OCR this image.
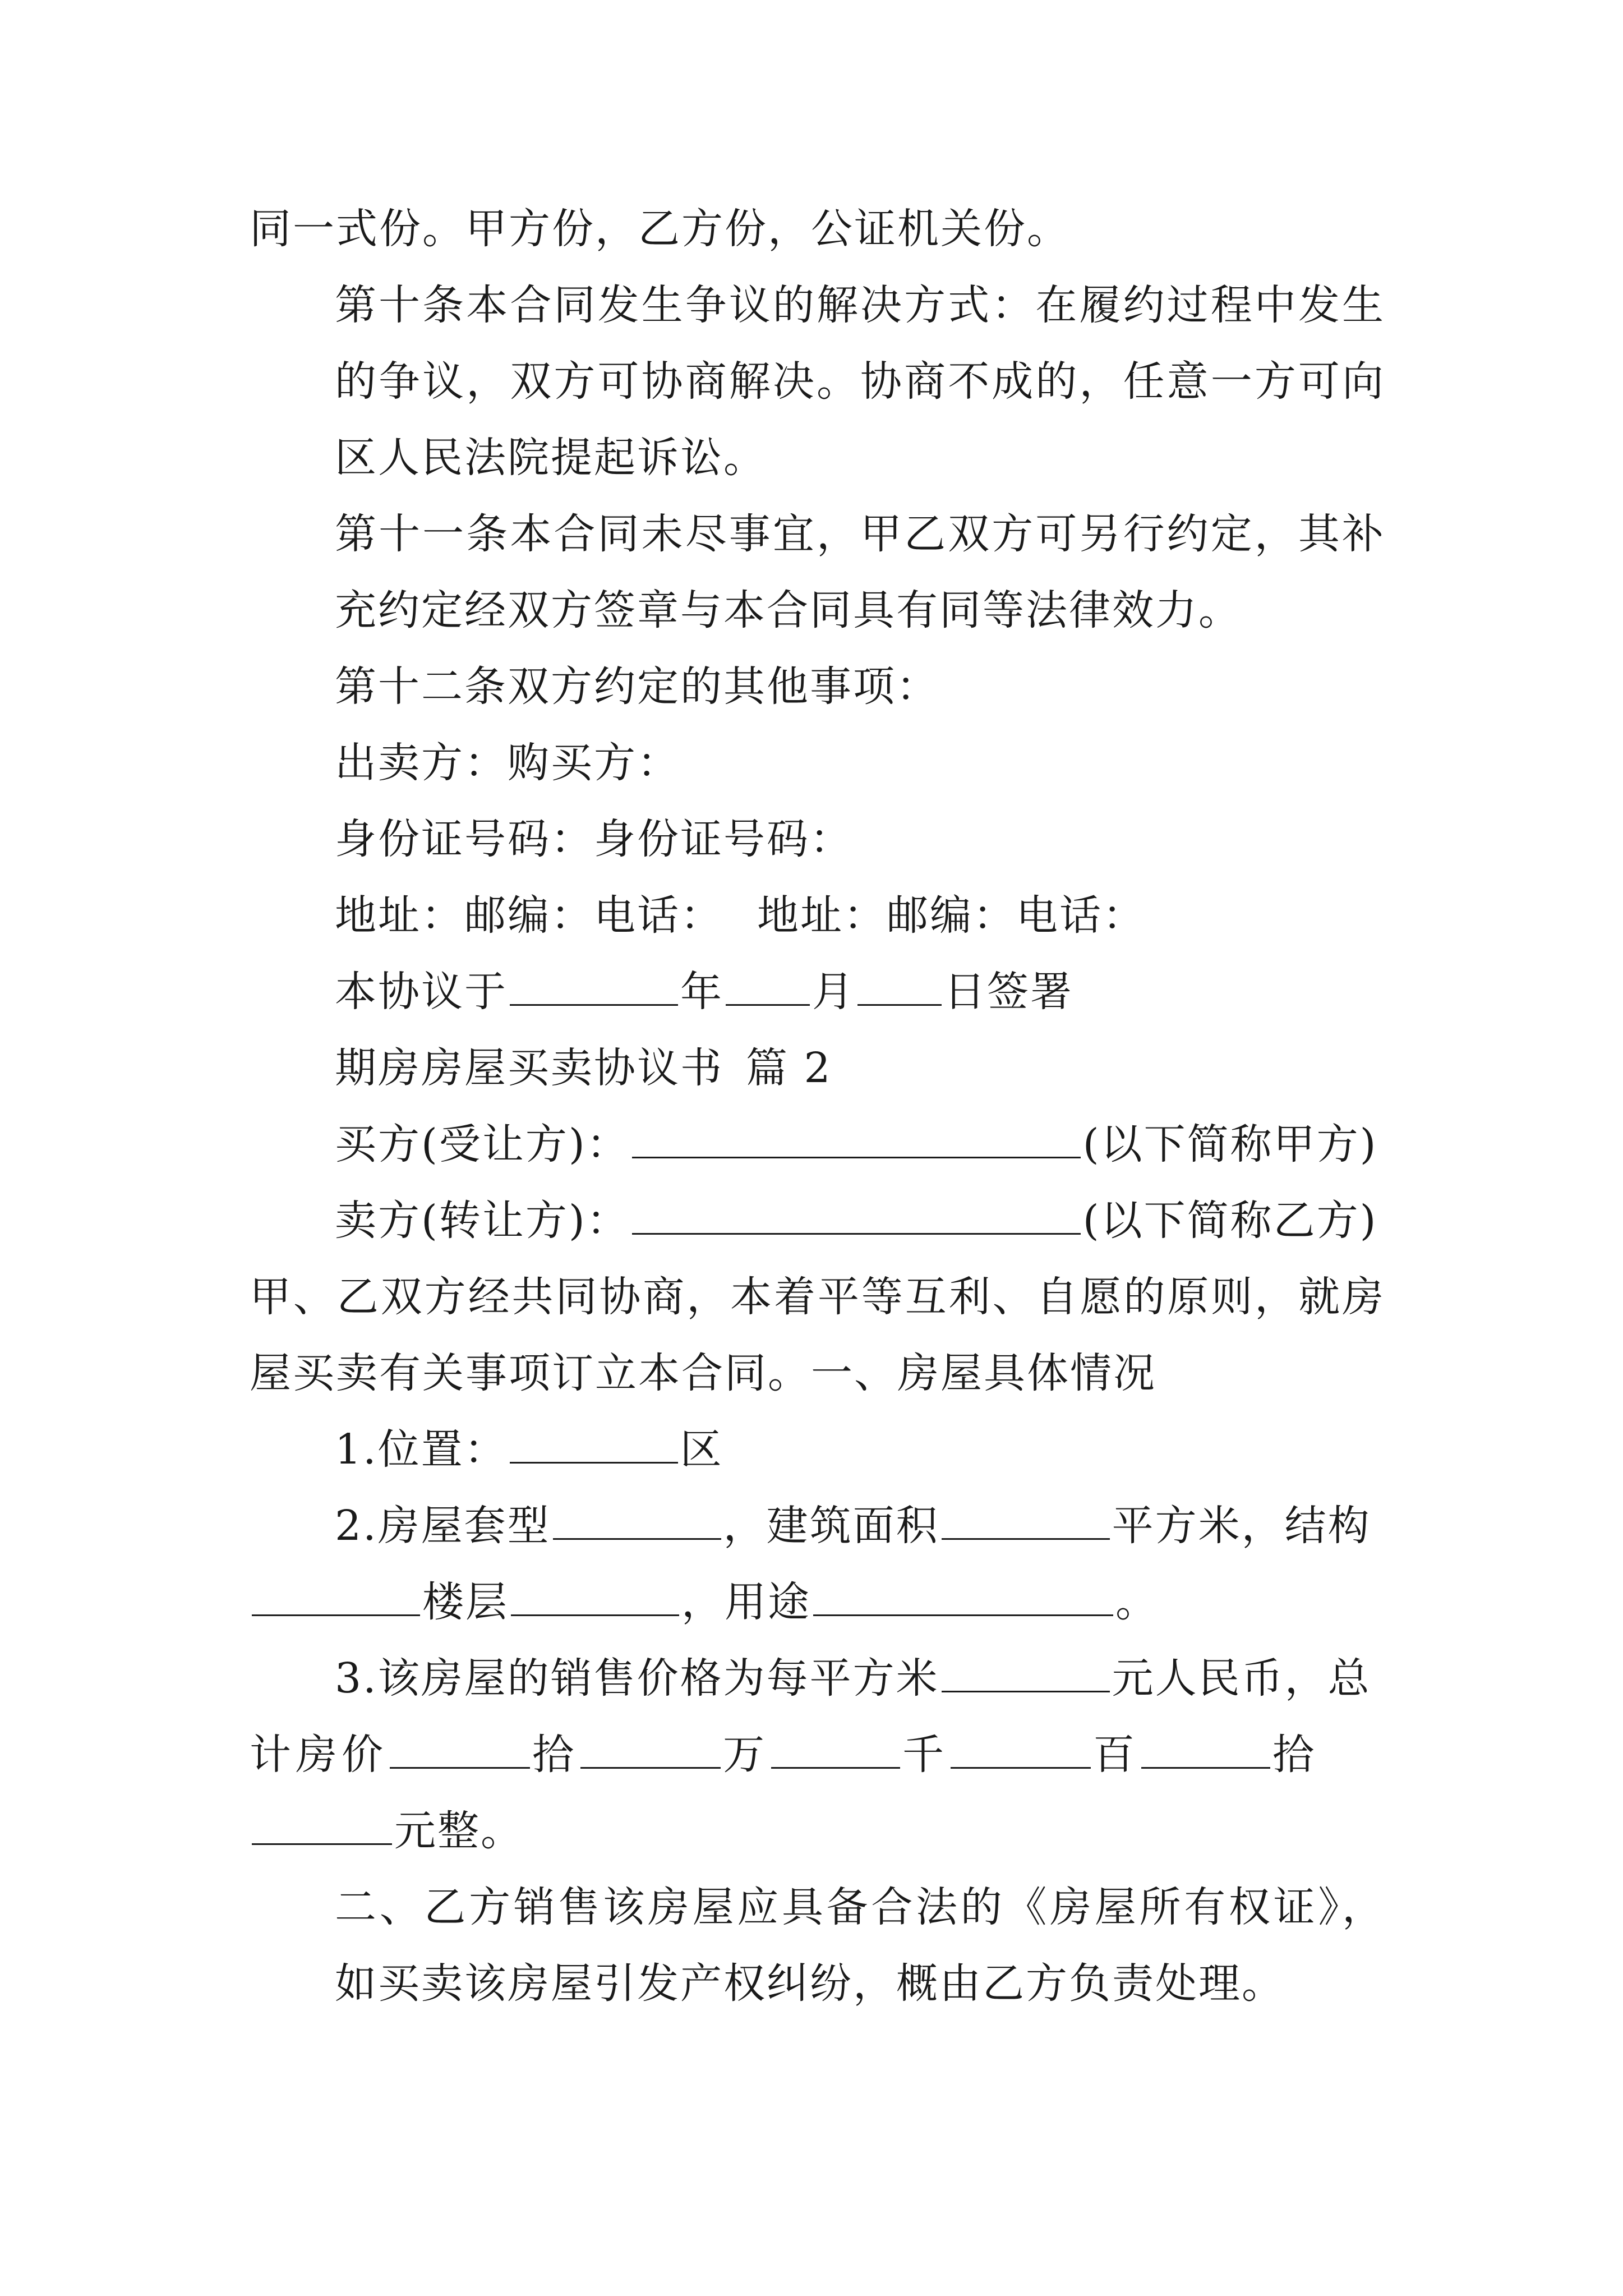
同一式份。甲方份，乙方份，公证机关份。

第十条本合同发生争议的解决方式：在履约过程中发生的争议，双方可协商解决。协商不成的，任意一方可向区人民法院提起诉讼。

第十一条本合同未尽事宜，甲乙双方可另行约定，其补充约定经双方签章与本合同具有同等法律效力。

第十二条双方约定的其他事项：

出卖方：购买方：

身份证号码：身份证号码：

地址：邮编：电话： 地址：邮编：电话：

本协议于	年 月 日签署

期房房屋买卖协议书 篇 2

买方(受让方)：	(以下简称甲方)

卖方(转让方)：	(以下简称乙方)

甲、乙双方经共同协商，本着平等互利、自愿的原则，就房屋买卖有关事项订立本合同。一、房屋具体情况

1.位置：	区

2.房屋套型	，建筑面积	平方米，结构

楼层	，用途	。

3.该房屋的销售价格为每平方米	元人民币，总

计房价	拾	万	千	百	拾

元整。

二、乙方销售该房屋应具备合法的《房屋所有权证》，如买卖该房屋引发产权纠纷，概由乙方负责处理。
